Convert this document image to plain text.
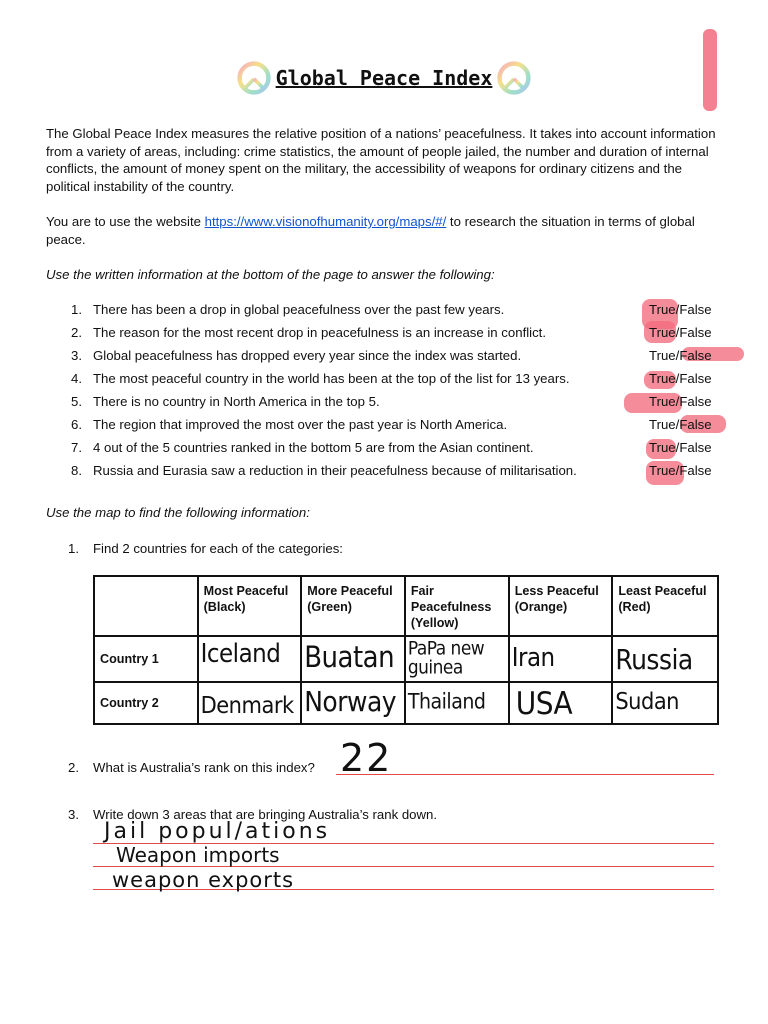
Global Peace Index

The Global Peace Index measures the relative position of a nations’ peacefulness. It takes into account information from a variety of areas, including: crime statistics, the amount of people jailed, the number and duration of internal conflicts, the amount of money spent on the military, the accessibility of weapons for ordinary citizens and the political instability of the country.

You are to use the website https://www.visionofhumanity.org/maps/#/ to research the situation in terms of global peace.

Use the written information at the bottom of the page to answer the following:

1. There has been a drop in global peacefulness over the past few years.	True/False
2. The reason for the most recent drop in peacefulness is an increase in conflict.	True/False
3. Global peacefulness has dropped every year since the index was started.	True/False
4. The most peaceful country in the world has been at the top of the list for 13 years.	True/False
5. There is no country in North America in the top 5.	True/False
6. The region that improved the most over the past year is North America.	True/False
7. 4 out of the 5 countries ranked in the bottom 5 are from the Asian continent.	True/False
8. Russia and Eurasia saw a reduction in their peacefulness because of militarisation.	True/False

Use the map to find the following information:

1. Find 2 countries for each of the categories:
	Most Peaceful (Black)	More Peaceful (Green)	Fair Peacefulness (Yellow)	Less Peaceful (Orange)	Least Peaceful (Red)
Country 1	Iceland	Buatan	PaPa new guinea	Iran	Russia

Country 2	Denmark	Norway	Thailand	USA	Sudan
2. What is Australia’s rank on this index? 22
3. Write down 3 areas that are bringing Australia’s rank down.
Jail popul/ations
Weapon imports
weapon exports
